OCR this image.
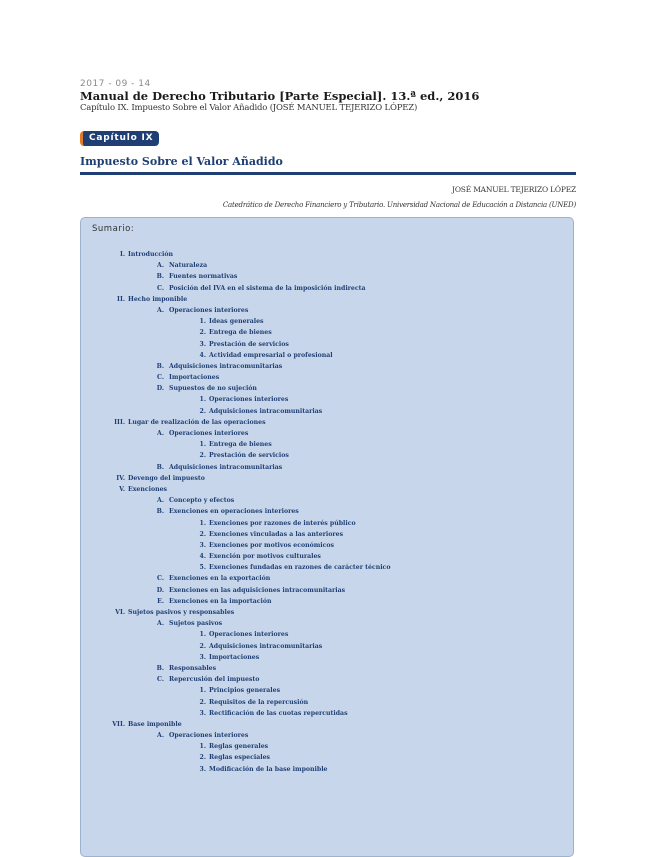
2017 - 09 - 14
Manual de Derecho Tributario [Parte Especial]. 13.ª ed., 2016
Capítulo IX. Impuesto Sobre el Valor Añadido (JOSÉ MANUEL TEJERIZO LÓPEZ)
Capítulo IX
Impuesto Sobre el Valor Añadido
JOSÉ MANUEL TEJERIZO LÓPEZ
Catedrático de Derecho Financiero y Tributario. Universidad Nacional de Educación a Distancia (UNED)
Sumario:
I. Introducción
A. Naturaleza
B. Fuentes normativas
C. Posición del IVA en el sistema de la imposición indirecta
II. Hecho imponible
A. Operaciones interiores
1. Ideas generales
2. Entrega de bienes
3. Prestación de servicios
4. Actividad empresarial o profesional
B. Adquisiciones intracomunitarias
C. Importaciones
D. Supuestos de no sujeción
1. Operaciones interiores
2. Adquisiciones intracomunitarias
III. Lugar de realización de las operaciones
A. Operaciones interiores
1. Entrega de bienes
2. Prestación de servicios
B. Adquisiciones intracomunitarias
IV. Devengo del impuesto
V. Exenciones
A. Concepto y efectos
B. Exenciones en operaciones interiores
1. Exenciones por razones de interés público
2. Exenciones vinculadas a las anteriores
3. Exenciones por motivos económicos
4. Exención por motivos culturales
5. Exenciones fundadas en razones de carácter técnico
C. Exenciones en la exportación
D. Exenciones en las adquisiciones intracomunitarias
E. Exenciones en la importación
VI. Sujetos pasivos y responsables
A. Sujetos pasivos
1. Operaciones interiores
2. Adquisiciones intracomunitarias
3. Importaciones
B. Responsables
C. Repercusión del impuesto
1. Principios generales
2. Requisitos de la repercusión
3. Rectificación de las cuotas repercutidas
VII. Base imponible
A. Operaciones interiores
1. Reglas generales
2. Reglas especiales
3. Modificación de la base imponible
